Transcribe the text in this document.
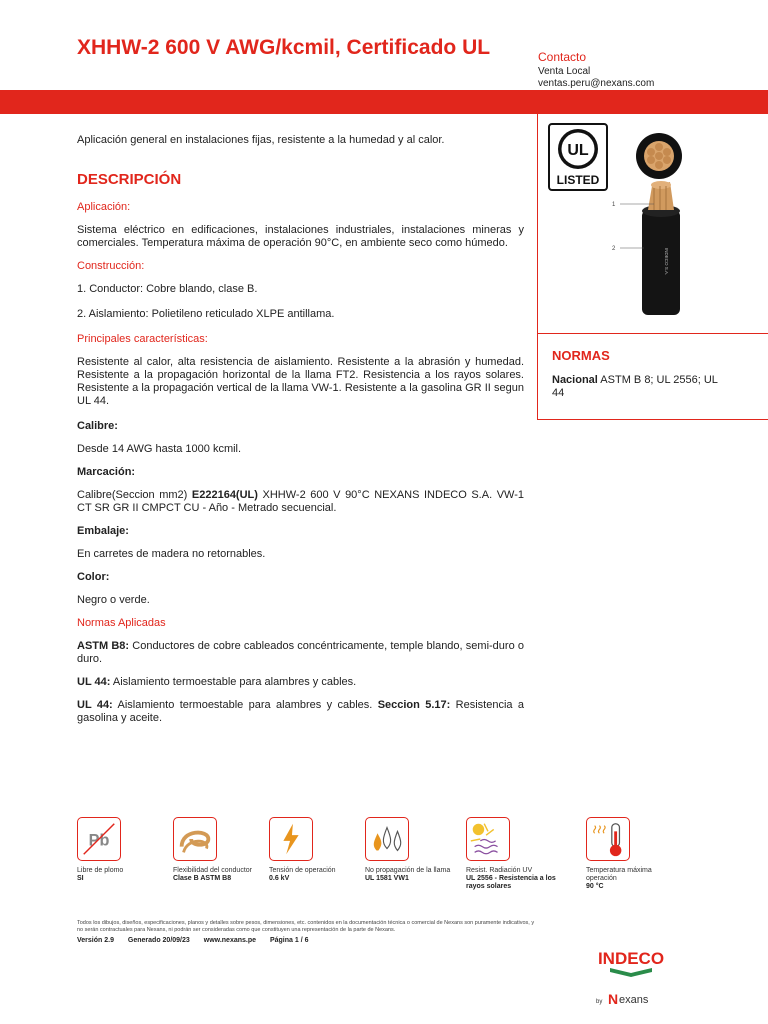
XHHW-2 600 V AWG/kcmil, Certificado UL	Contacto
Venta Local
ventas.peru@nexans.com
UL
LISTED
1
2	INDECO S.A.
NORMAS
Nacional ASTM B 8; UL 2556; UL 44
Aplicación general en instalaciones fijas, resistente a la humedad y al calor.
DESCRIPCIÓN
Aplicación:
Sistema eléctrico en edificaciones, instalaciones industriales, instalaciones mineras y comerciales. Temperatura máxima de operación 90°C, en ambiente seco como húmedo.
Construcción:
1. Conductor: Cobre blando, clase B.
2. Aislamiento: Polietileno reticulado XLPE antillama.
Principales características:
Resistente al calor, alta resistencia de aislamiento. Resistente a la abrasión y humedad. Resistente a la propagación horizontal de la llama FT2. Resistencia a los rayos solares. Resistente a la propagación vertical de la llama VW-1. Resistente a la gasolina GR II segun UL 44.
Calibre:
Desde 14 AWG hasta 1000 kcmil.
Marcación:
Calibre(Seccion mm2) E222164(UL) XHHW-2 600 V 90°C NEXANS INDECO S.A. VW-1 CT SR GR II CMPCT CU - Año - Metrado secuencial.
Embalaje:
En carretes de madera no retornables.
Color:
Negro o verde.
Normas Aplicadas
ASTM B8: Conductores de cobre cableados concéntricamente, temple blando, semi-duro o duro.
UL 44: Aislamiento termoestable para alambres y cables.
UL 44: Aislamiento termoestable para alambres y cables. Seccion 5.17: Resistencia a gasolina y aceite.
Pb
Libre de plomo
SI
Flexibilidad del conductor
Clase B ASTM B8
Tensión de operación
0.6 kV
No propagación de la llama
UL 1581 VW1
Resist. Radiación UV
UL 2556 - Resistencia a los rayos solares
Temperatura máxima operación
90 °C
Todos los dibujos, diseños, especificaciones, planos y detalles sobre pesos, dimensiones, etc. contenidos en la documentación técnica o comercial de Nexans son puramente indicativos, y no serán contractuales para Nexans, ni podrán ser consideradas como que constituyen una representación de la parte de Nexans.
Versión 2.9 Generado 20/09/23 www.nexans.pe Página 1 / 6
INDECO
by N exans
